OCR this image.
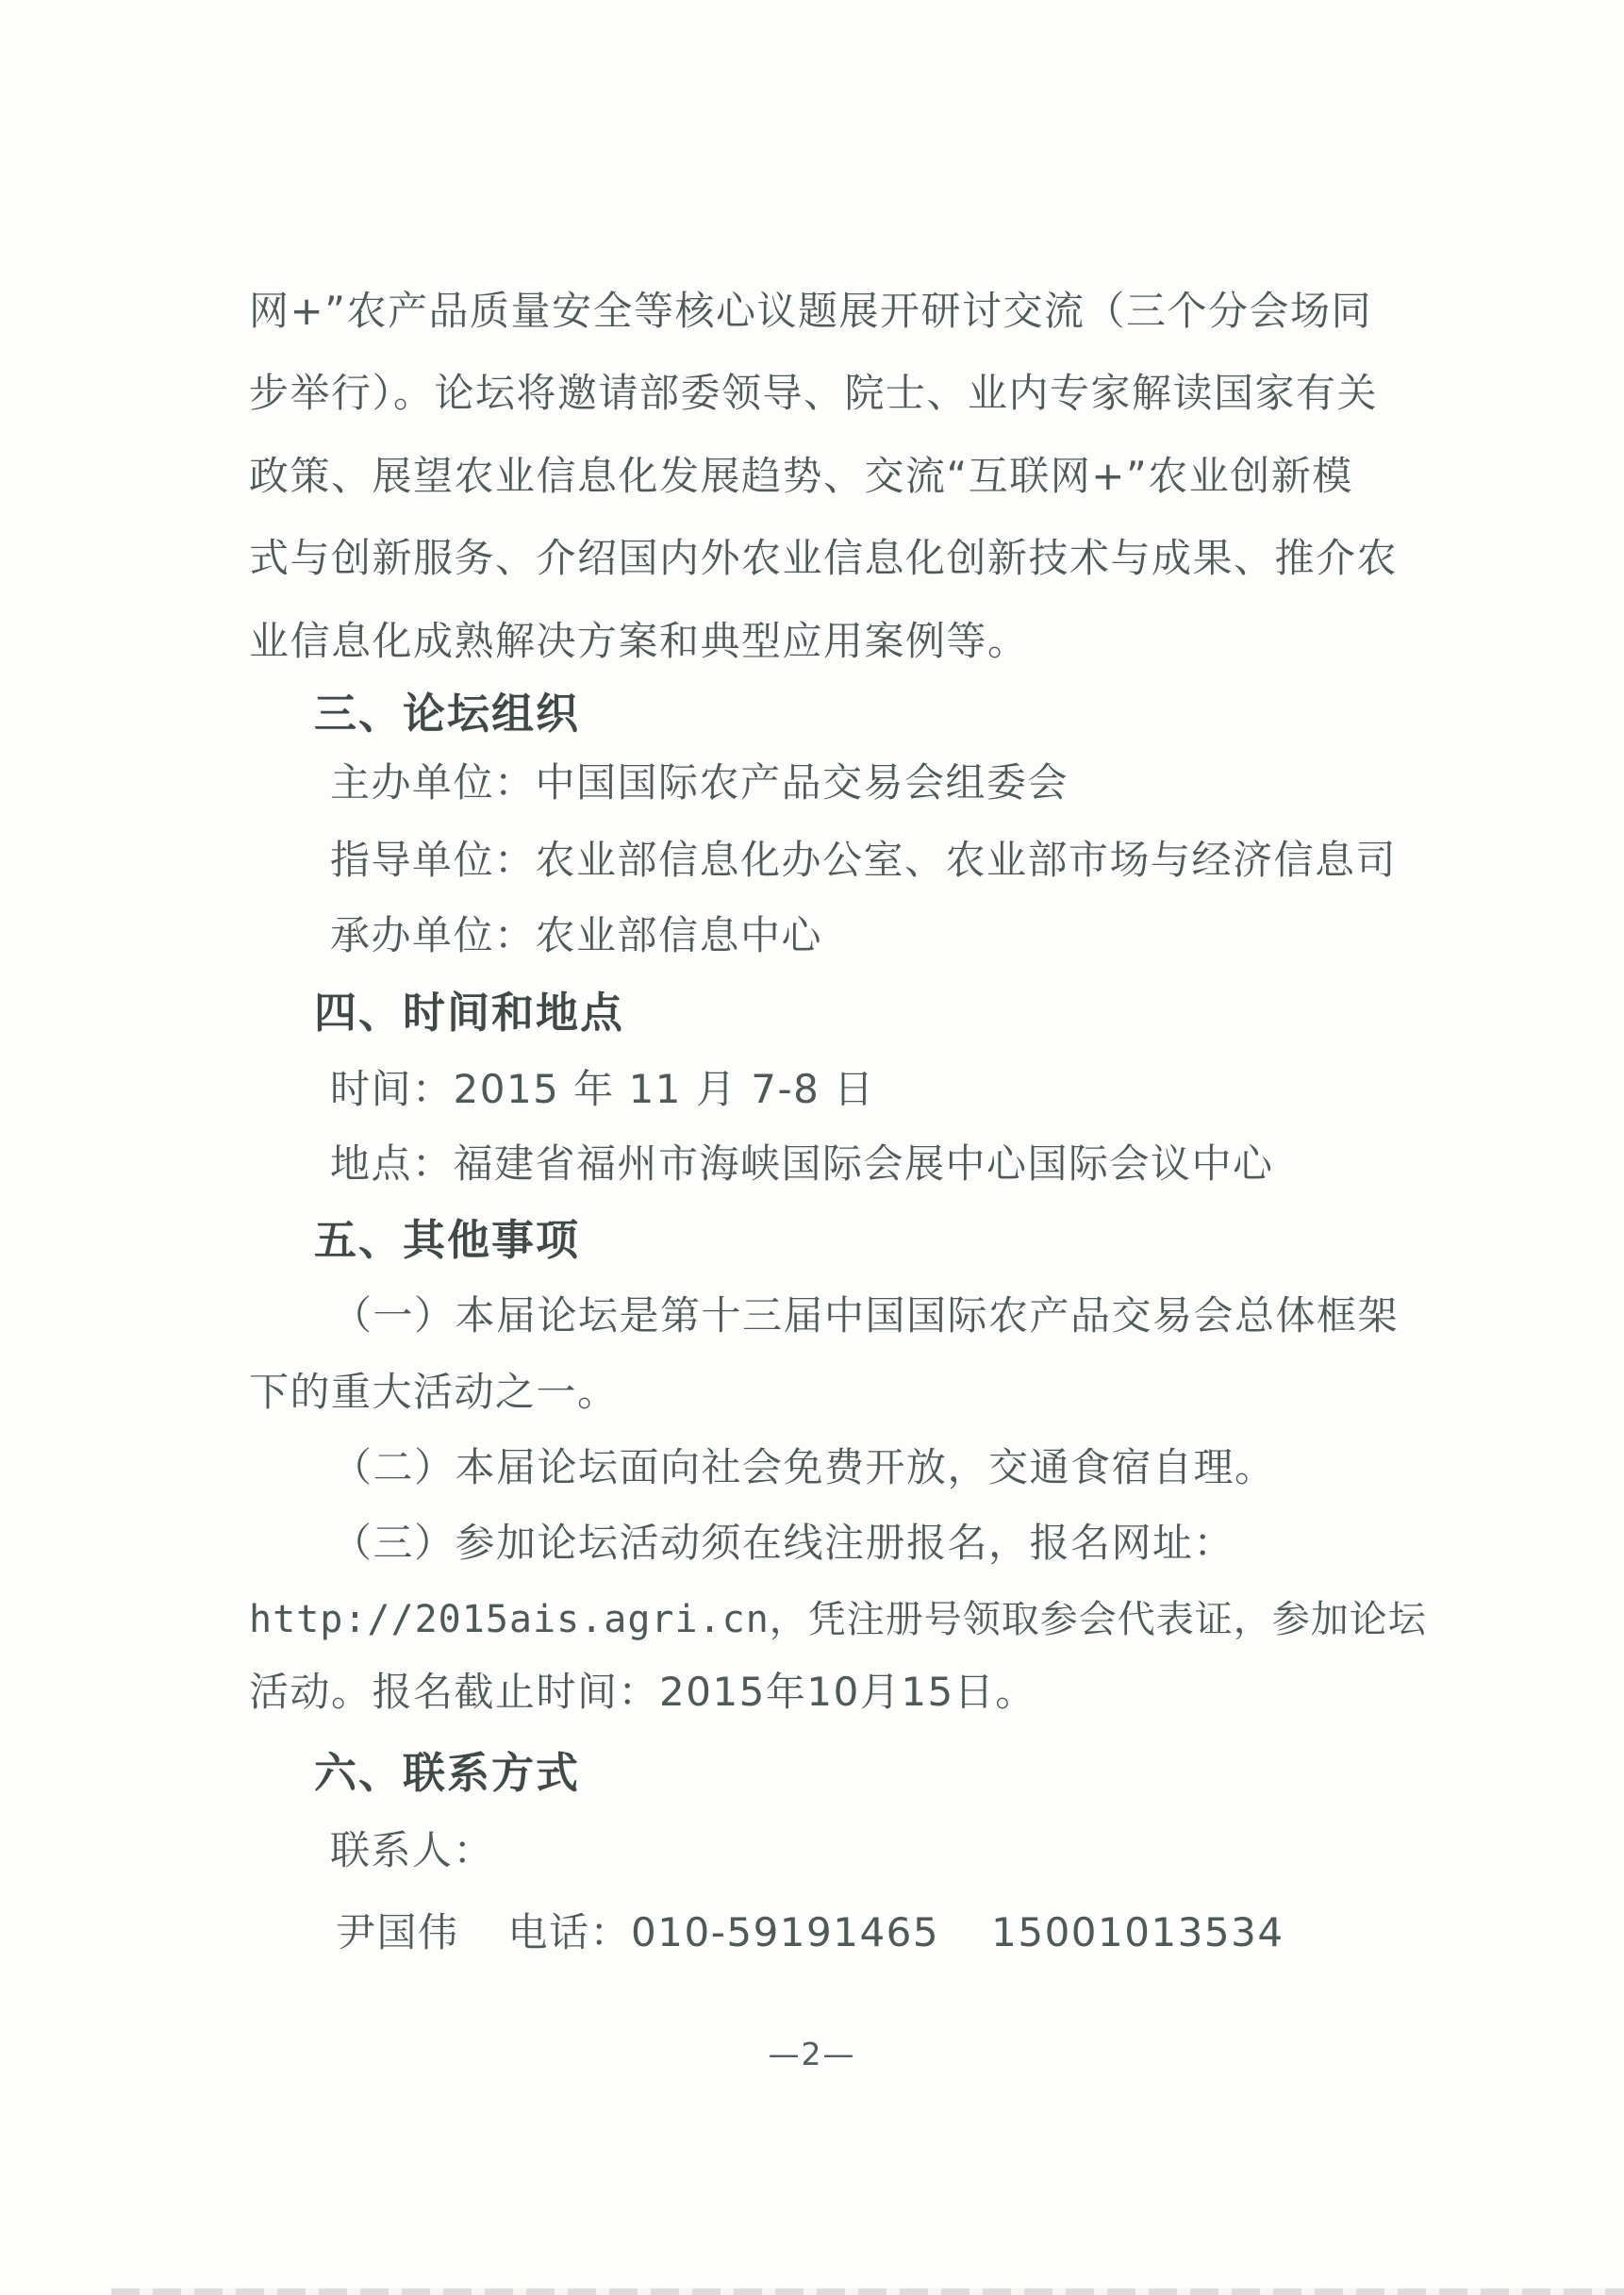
网+”农产品质量安全等核心议题展开研讨交流（三个分会场同
步举行）。论坛将邀请部委领导、院士、业内专家解读国家有关
政策、展望农业信息化发展趋势、交流“互联网+”农业创新模
式与创新服务、介绍国内外农业信息化创新技术与成果、推介农
业信息化成熟解决方案和典型应用案例等。
三、论坛组织
主办单位：中国国际农产品交易会组委会
指导单位：农业部信息化办公室、农业部市场与经济信息司
承办单位：农业部信息中心
四、时间和地点
时间：2015 年 11 月 7-8 日
地点：福建省福州市海峡国际会展中心国际会议中心
五、其他事项
（一）本届论坛是第十三届中国国际农产品交易会总体框架
下的重大活动之一。
（二）本届论坛面向社会免费开放，交通食宿自理。
（三）参加论坛活动须在线注册报名，报名网址：
http://2015ais.agri.cn，凭注册号领取参会代表证，参加论坛
活动。报名截止时间：2015年10月15日。
六、联系方式
联系人：
尹国伟 电话： 010-59191465 15001013534
—2—
